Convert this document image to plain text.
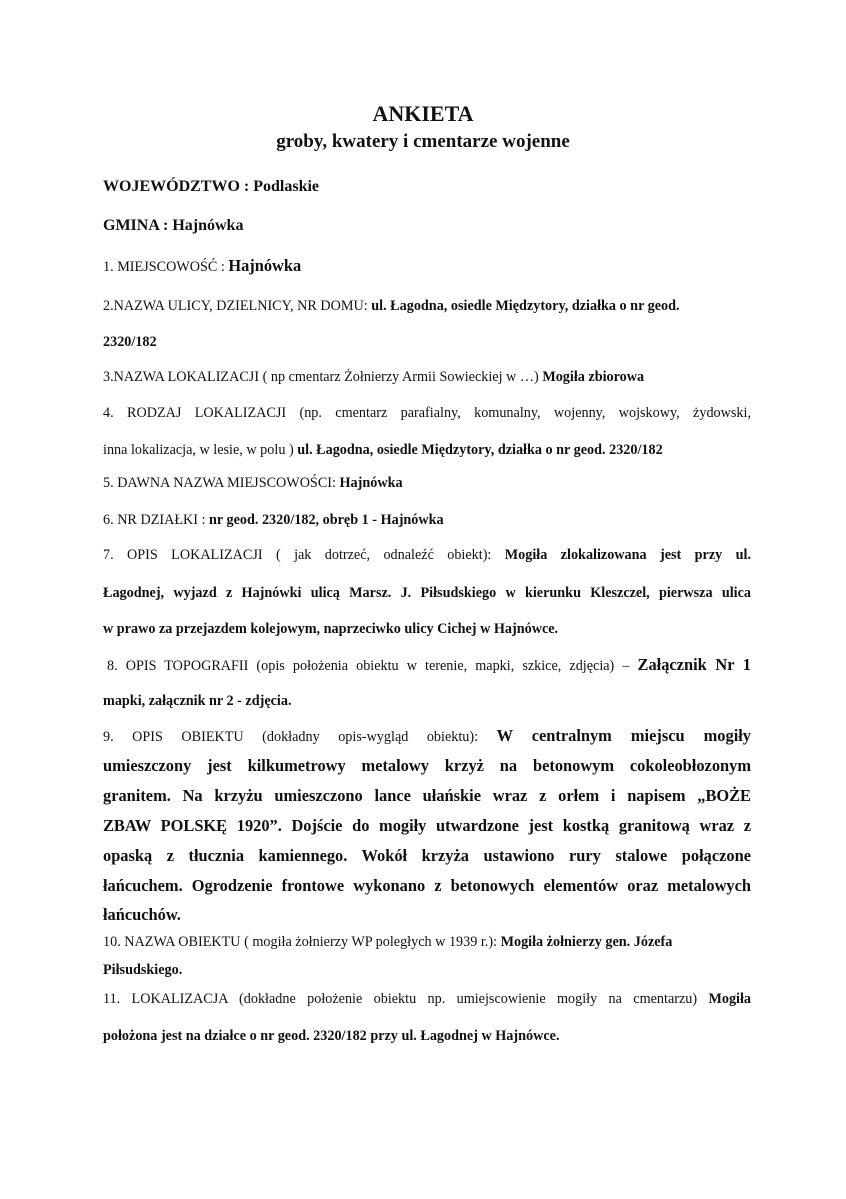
ANKIETA
groby, kwatery i cmentarze wojenne
WOJEWÓDZTWO : Podlaskie
GMINA : Hajnówka
1. MIEJSCOWOŚĆ : Hajnówka
2.NAZWA ULICY, DZIELNICY, NR DOMU: ul. Łagodna, osiedle Międzytory, działka o nr geod.
2320/182
3.NAZWA LOKALIZACJI ( np cmentarz Żołnierzy Armii Sowieckiej w …) Mogiła zbiorowa
4. RODZAJ LOKALIZACJI (np. cmentarz parafialny, komunalny, wojenny, wojskowy, żydowski,
inna lokalizacja, w lesie, w polu ) ul. Łagodna, osiedle Międzytory, działka o nr geod. 2320/182
5. DAWNA NAZWA MIEJSCOWOŚCI: Hajnówka
6. NR DZIAŁKI : nr geod. 2320/182, obręb 1 - Hajnówka
7. OPIS LOKALIZACJI ( jak dotrzeć, odnaleźć obiekt): Mogiła zlokalizowana jest przy ul.
Łagodnej, wyjazd z Hajnówki ulicą Marsz. J. Piłsudskiego w kierunku Kleszczel, pierwsza ulica
w prawo za przejazdem kolejowym, naprzeciwko ulicy Cichej w Hajnówce.
8. OPIS TOPOGRAFII (opis położenia obiektu w terenie, mapki, szkice, zdjęcia) – Załącznik Nr 1
mapki, załącznik nr 2 - zdjęcia.
9. OPIS OBIEKTU (dokładny opis-wygląd obiektu): W centralnym miejscu mogiły
umieszczony jest kilkumetrowy metalowy krzyż na betonowym cokoleobłozonym
granitem. Na krzyżu umieszczono lance ułańskie wraz z orłem i napisem „BOŻE
ZBAW POLSKĘ 1920”. Dojście do mogiły utwardzone jest kostką granitową wraz z
opaską z tłucznia kamiennego. Wokół krzyża ustawiono rury stalowe połączone
łańcuchem. Ogrodzenie frontowe wykonano z betonowych elementów oraz metalowych
łańcuchów.
10. NAZWA OBIEKTU ( mogiła żołnierzy WP poległych w 1939 r.): Mogiła żołnierzy gen. Józefa
Piłsudskiego.
11. LOKALIZACJA (dokładne położenie obiektu np. umiejscowienie mogiły na cmentarzu) Mogiła
położona jest na działce o nr geod. 2320/182 przy ul. Łagodnej w Hajnówce.
